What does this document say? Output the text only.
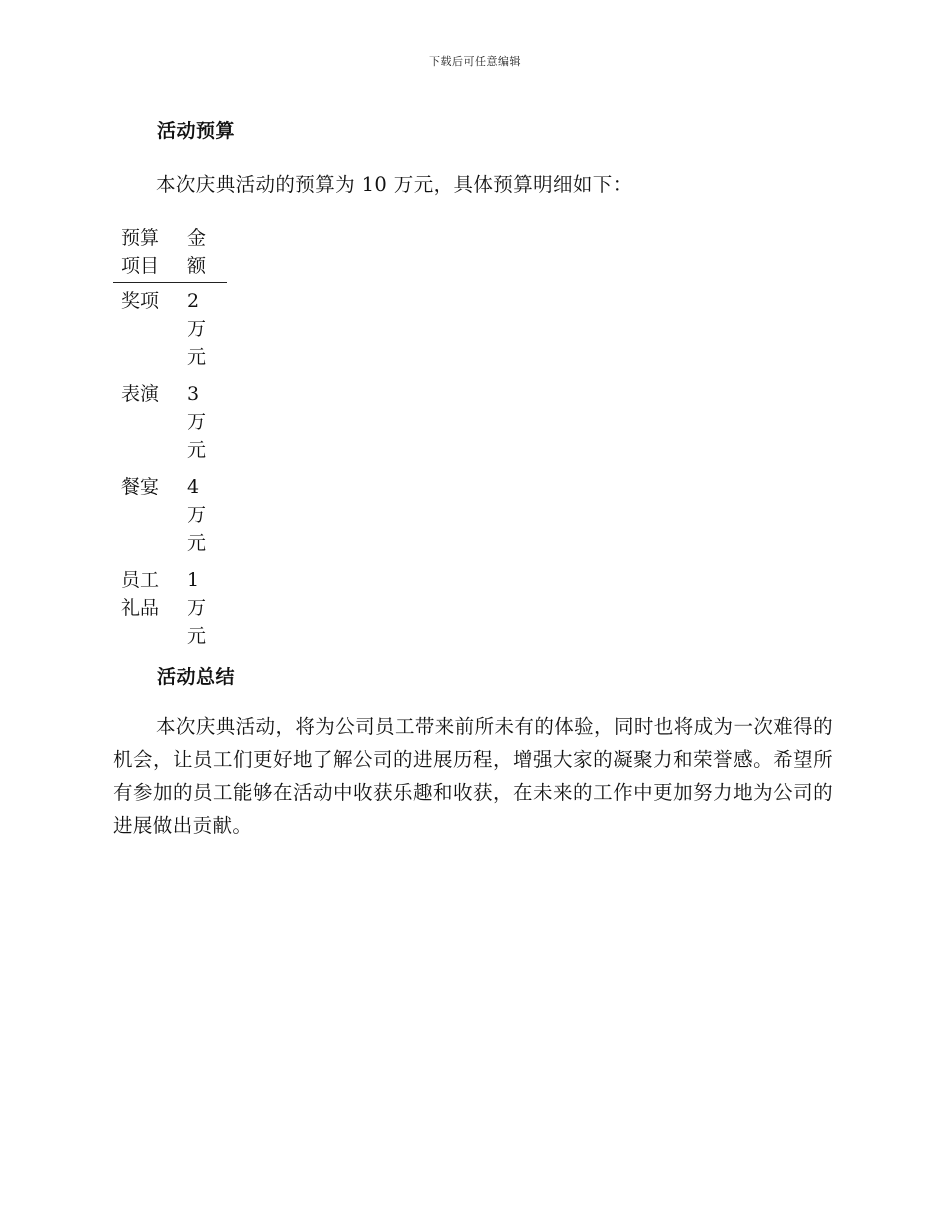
下载后可任意编辑
活动预算
本次庆典活动的预算为 10 万元，具体预算明细如下：
预算项目	金额
奖项	2万元
表演	3万元
餐宴	4万元
员工礼品	1万元
活动总结
本次庆典活动，将为公司员工带来前所未有的体验，同时也将成为一次难得的机会，让员工们更好地了解公司的进展历程，增强大家的凝聚力和荣誉感。希望所有参加的员工能够在活动中收获乐趣和收获，在未来的工作中更加努力地为公司的进展做出贡献。
